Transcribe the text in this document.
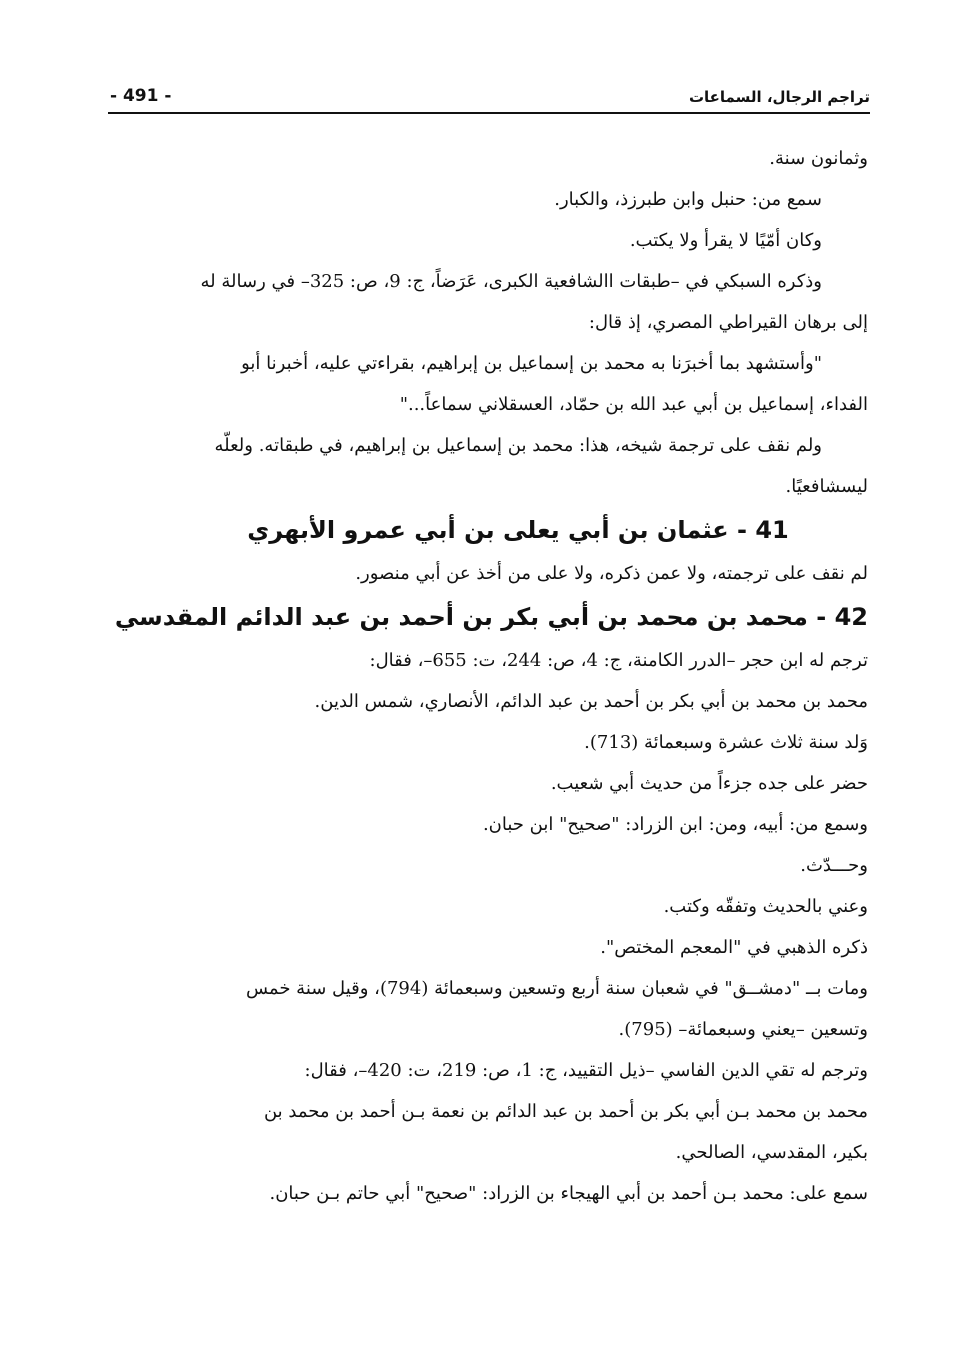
تراجم الرجال، السماعات
- 491 -
وثمانون سنة.
سمع من: حنبل وابن طبرزذ، والكبار.
وكان أمّيًا لا يقرأ ولا يكتب.
وذكره السبكي في –طبقات االشافعية الكبرى، عَرَضاً، ج: 9، ص: 325– في رسالة له
إلى برهان القيراطي المصري، إذ قال:
"وأستشهد بما أخبرَنا به محمد بن إسماعيل بن إبراهيم، بقراءتي عليه، أخبرنا أبو
الفداء، إسماعيل بن أبي عبد الله بن حمّاد، العسقلاني سماعاً..."
ولم نقف على ترجمة شيخه، هذا: محمد بن إسماعيل بن إبراهيم، في طبقاته. ولعلّه
ليسشافعيًا.
41 - عثمان بن أبي يعلى بن أبي عمرو الأبهري
لم نقف على ترجمته، ولا عمن ذكره، ولا على من أخذ عن أبي منصور.
42 - محمد بن محمد بن أبي بكر بن أحمد بن عبد الدائم المقدسي
ترجم له ابن حجر –الدرر الكامنة، ج: 4، ص: 244، ت: 655–، فقال:
محمد بن محمد بن أبي بكر بن أحمد بن عبد الدائم، الأنصاري، شمس الدين.
وَلد سنة ثلاث عشرة وسبعمائة (713).
حضر على جده جزءاً من حديث أبي شعيب.
وسمع من: أبيه، ومن: ابن الزراد: "صحيح" ابن حبان.
وحـــدّث.
وعني بالحديث وتفقّه وكتب.
ذكره الذهبي في "المعجم المختص".
ومات بــ "دمشــق" في شعبان سنة أربع وتسعين وسبعمائة (794)، وقيل سنة خمس
وتسعين –يعني وسبعمائة– (795).
وترجم له تقي الدين الفاسي –ذيل التقييد، ج: 1، ص: 219، ت: 420–، فقال:
محمد بن محمد بـن أبي بكر بن أحمد بن عبد الدائم بن نعمة بـن أحمد بن محمد بن
بكير، المقدسي، الصالحي.
سمع على: محمد بـن أحمد بن أبي الهيجاء بن الزراد: "صحيح" أبي حاتم بـن حبان.
